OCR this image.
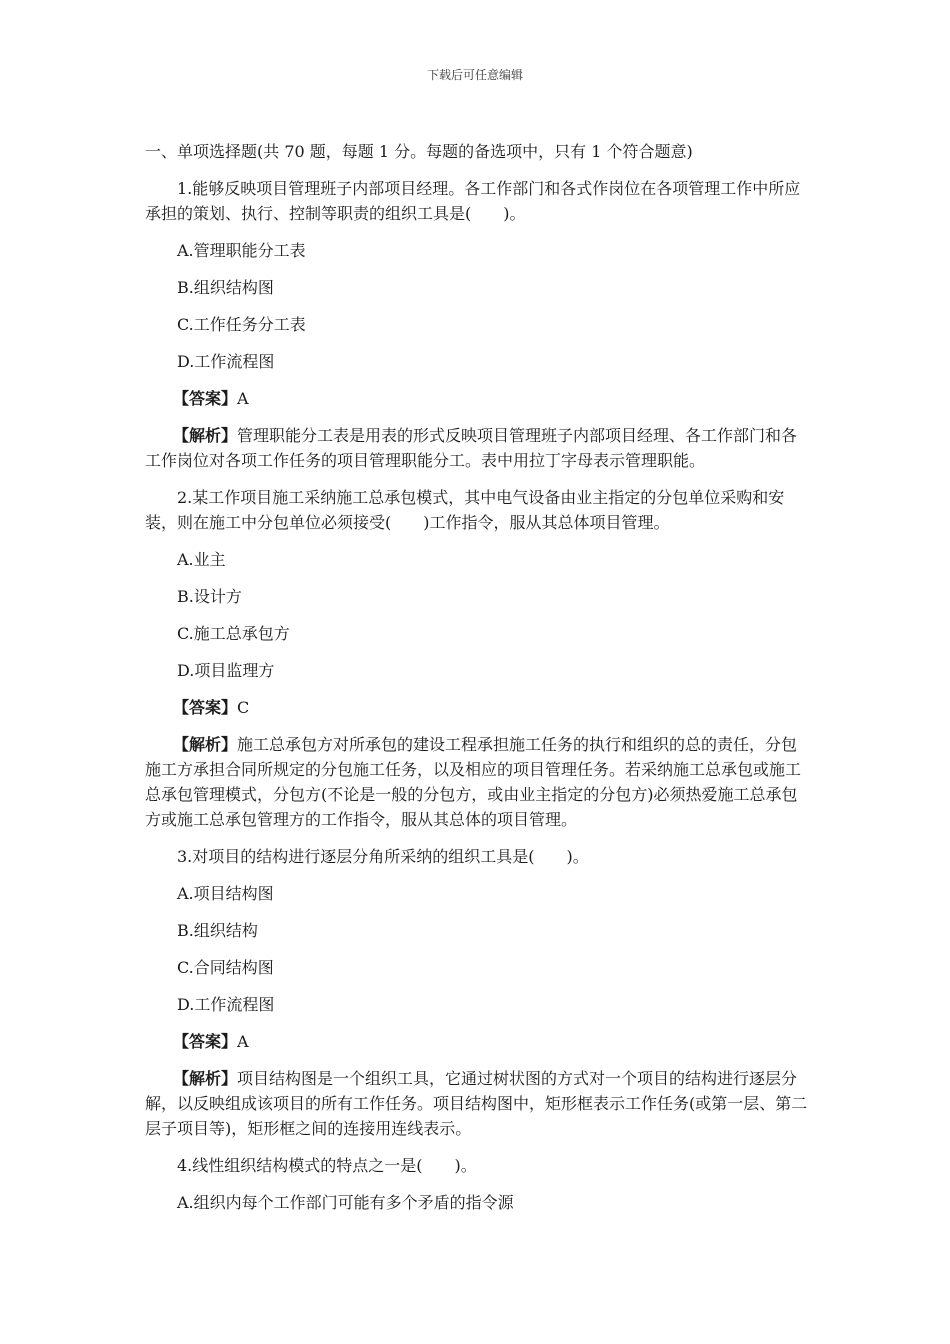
下载后可任意编辑

一、单项选择题(共 70 题，每题 1 分。每题的备选项中，只有 1 个符合题意)

1.能够反映项目管理班子内部项目经理。各工作部门和各式作岗位在各项管理工作中所应承担的策划、执行、控制等职责的组织工具是(　　)。

A.管理职能分工表

B.组织结构图

C.工作任务分工表

D.工作流程图

【答案】A

【解析】管理职能分工表是用表的形式反映项目管理班子内部项目经理、各工作部门和各工作岗位对各项工作任务的项目管理职能分工。表中用拉丁字母表示管理职能。

2.某工作项目施工采纳施工总承包模式，其中电气设备由业主指定的分包单位采购和安装，则在施工中分包单位必须接受(　　)工作指令，服从其总体项目管理。

A.业主

B.设计方

C.施工总承包方

D.项目监理方

【答案】C

【解析】施工总承包方对所承包的建设工程承担施工任务的执行和组织的总的责任，分包施工方承担合同所规定的分包施工任务，以及相应的项目管理任务。若采纳施工总承包或施工总承包管理模式，分包方(不论是一般的分包方，或由业主指定的分包方)必须热爱施工总承包方或施工总承包管理方的工作指令，服从其总体的项目管理。

3.对项目的结构进行逐层分角所采纳的组织工具是(　　)。

A.项目结构图

B.组织结构

C.合同结构图

D.工作流程图

【答案】A

【解析】项目结构图是一个组织工具，它通过树状图的方式对一个项目的结构进行逐层分解，以反映组成该项目的所有工作任务。项目结构图中，矩形框表示工作任务(或第一层、第二层子项目等)，矩形框之间的连接用连线表示。

4.线性组织结构模式的特点之一是(　　)。

A.组织内每个工作部门可能有多个矛盾的指令源
